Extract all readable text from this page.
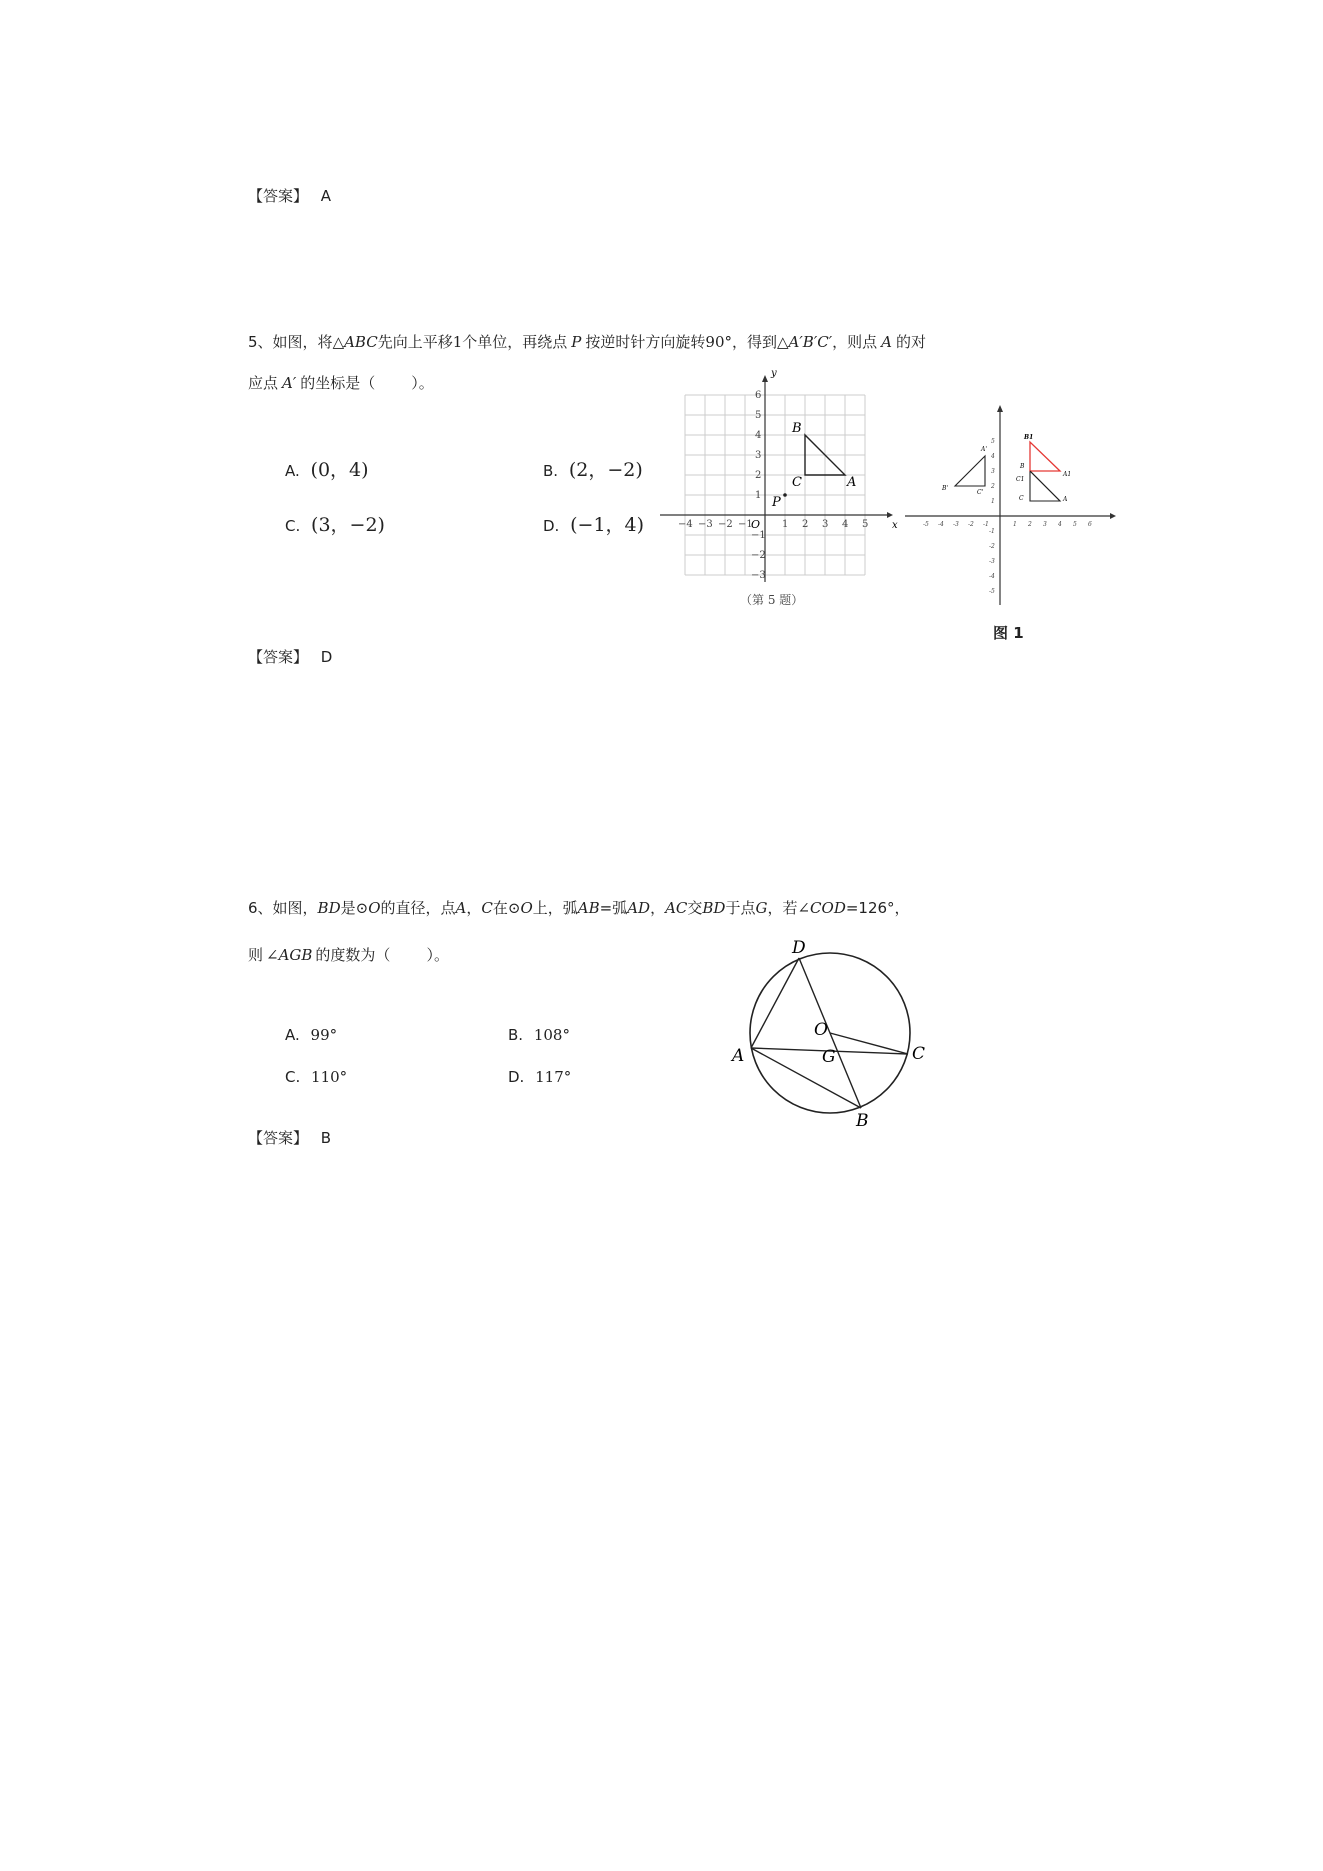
【答案】 A
5、如图，将△ABC先向上平移1个单位，再绕点 P 按逆时针方向旋转90°，得到△A′B′C′，则点 A 的对
应点 A′ 的坐标是（ ）。
A. (0，4)	B. (2，−2)
C. (3，−2)	D. (−1，4)
y
x
O
−4 −3 −2 −1	1 2 3 4 5
6
5
4
3
2
1
−1
−2
−3
B
C	A
P
（第 5 题）
-5 -4 -3 -2 -1	1 2 3 4 5 6
5
4
3
2
1
-1
-2
-3
-4
-5
A'
B'
C'
B1
B
C1
A1
C	A
图 1
【答案】 D
6、如图，BD是⊙O的直径，点A，C在⊙O上，弧AB=弧AD，AC交BD于点G，若∠COD=126°，
则 ∠AGB 的度数为（ ）。
A. 99°	B. 108°
C. 110°	D. 117°
D
O
A	G	C
B
【答案】 B
